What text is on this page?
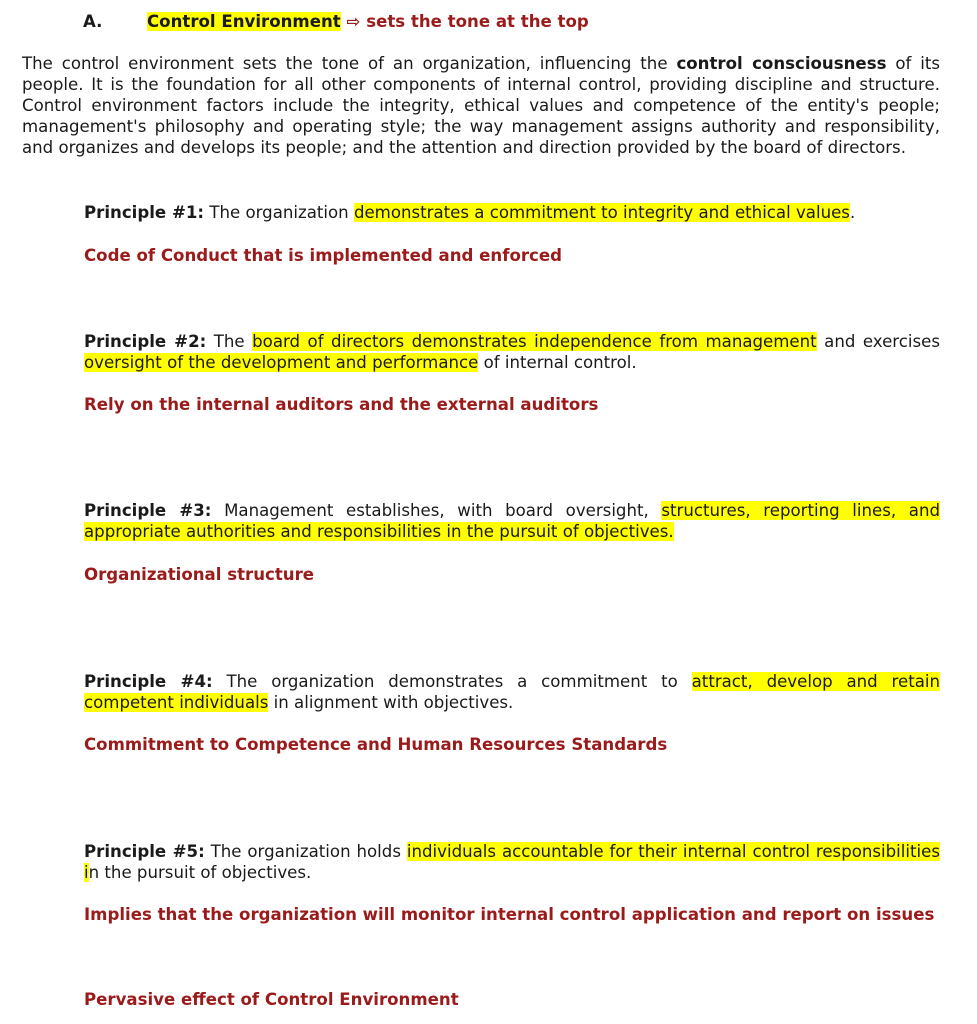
A.	Control Environment ⇨ sets the tone at the top
The control environment sets the tone of an organization, influencing the control consciousness of its people. It is the foundation for all other components of internal control, providing discipline and structure. Control environment factors include the integrity, ethical values and competence of the entity's people; management's philosophy and operating style; the way management assigns authority and responsibility, and organizes and develops its people; and the attention and direction provided by the board of directors.
Principle #1: The organization demonstrates a commitment to integrity and ethical values.
Code of Conduct that is implemented and enforced
Principle #2: The board of directors demonstrates independence from management and exercises oversight of the development and performance of internal control.
Rely on the internal auditors and the external auditors
Principle #3: Management establishes, with board oversight, structures, reporting lines, and appropriate authorities and responsibilities in the pursuit of objectives.
Organizational structure
Principle #4: The organization demonstrates a commitment to attract, develop and retain competent individuals in alignment with objectives.
Commitment to Competence and Human Resources Standards
Principle #5: The organization holds individuals accountable for their internal control responsibilities in the pursuit of objectives.
Implies that the organization will monitor internal control application and report on issues
Pervasive effect of Control Environment
